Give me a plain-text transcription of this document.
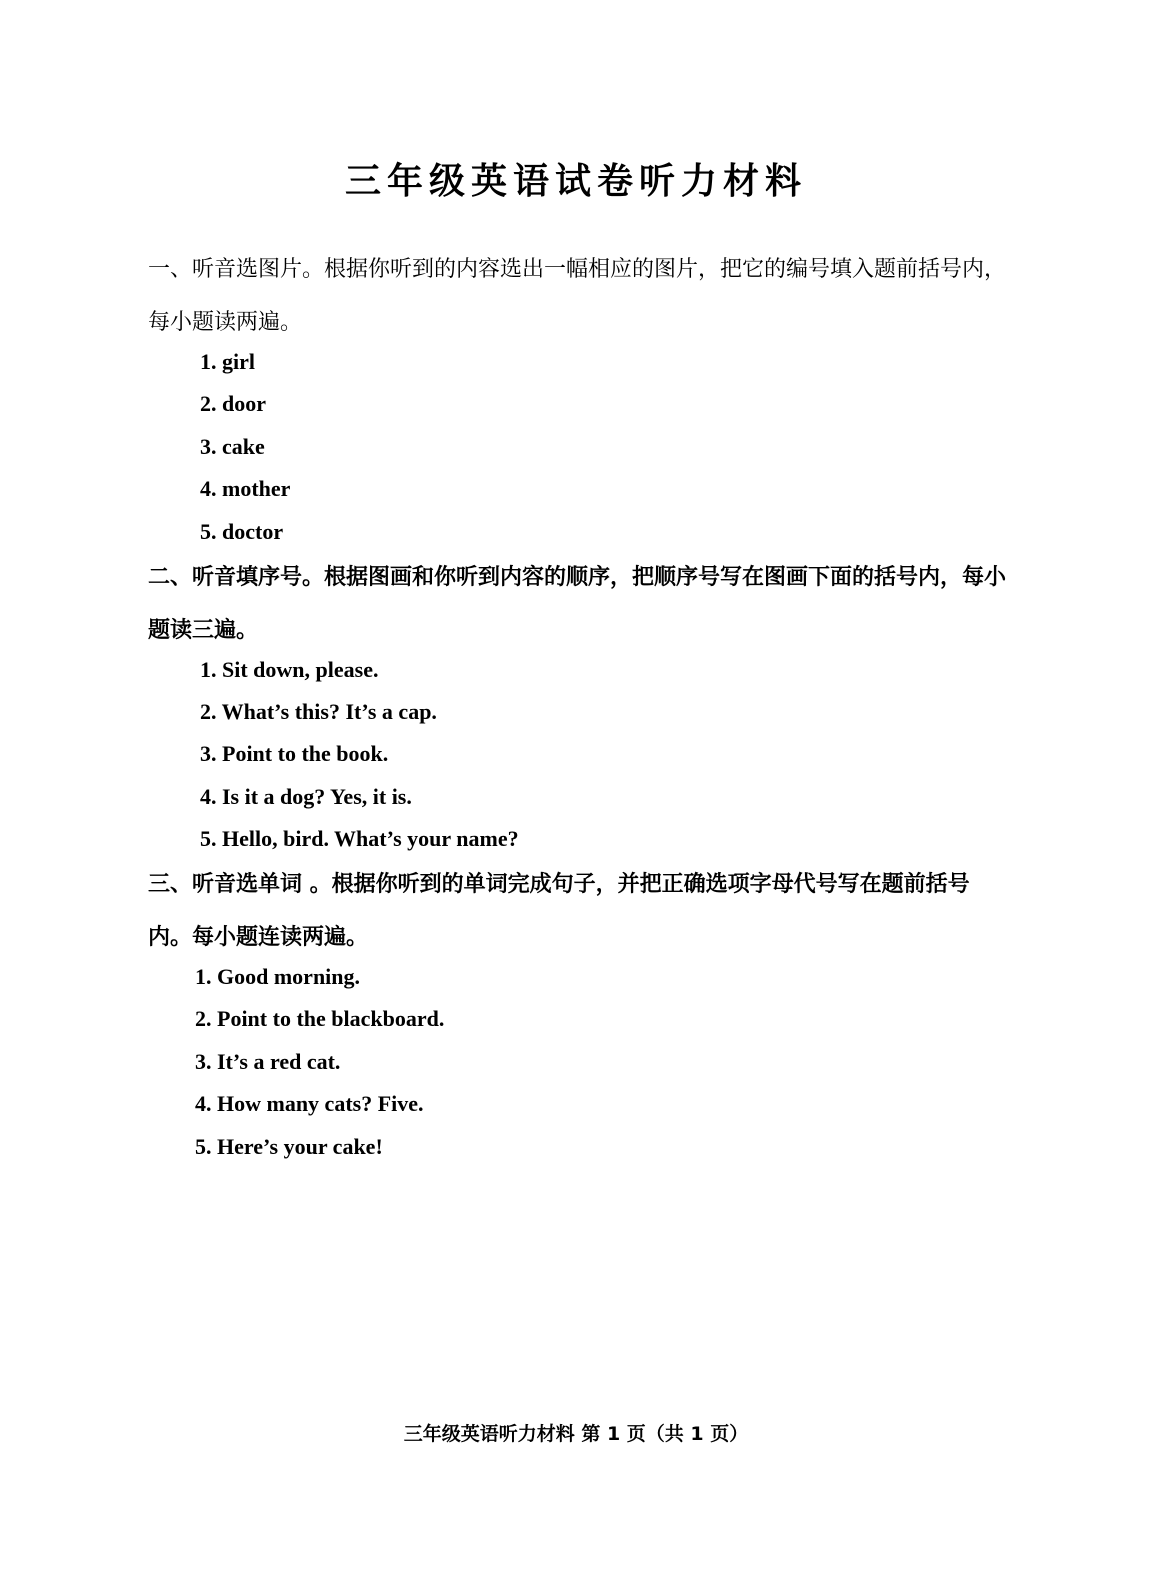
三年级英语试卷听力材料
一、听音选图片。根据你听到的内容选出一幅相应的图片，把它的编号填入题前括号内，每小题读两遍。
1. girl
2. door
3. cake
4. mother
5. doctor
二、听音填序号。根据图画和你听到内容的顺序，把顺序号写在图画下面的括号内，每小题读三遍。
1. Sit down, please.
2. What’s this? It’s a cap.
3. Point to the book.
4. Is it a dog? Yes, it is.
5. Hello, bird. What’s your name?
三、听音选单词 。根据你听到的单词完成句子，并把正确选项字母代号写在题前括号内。每小题连读两遍。
1. Good morning.
2. Point to the blackboard.
3. It’s a red cat.
4. How many cats? Five.
5. Here’s your cake!
三年级英语听力材料 第 1 页（共 1 页）
